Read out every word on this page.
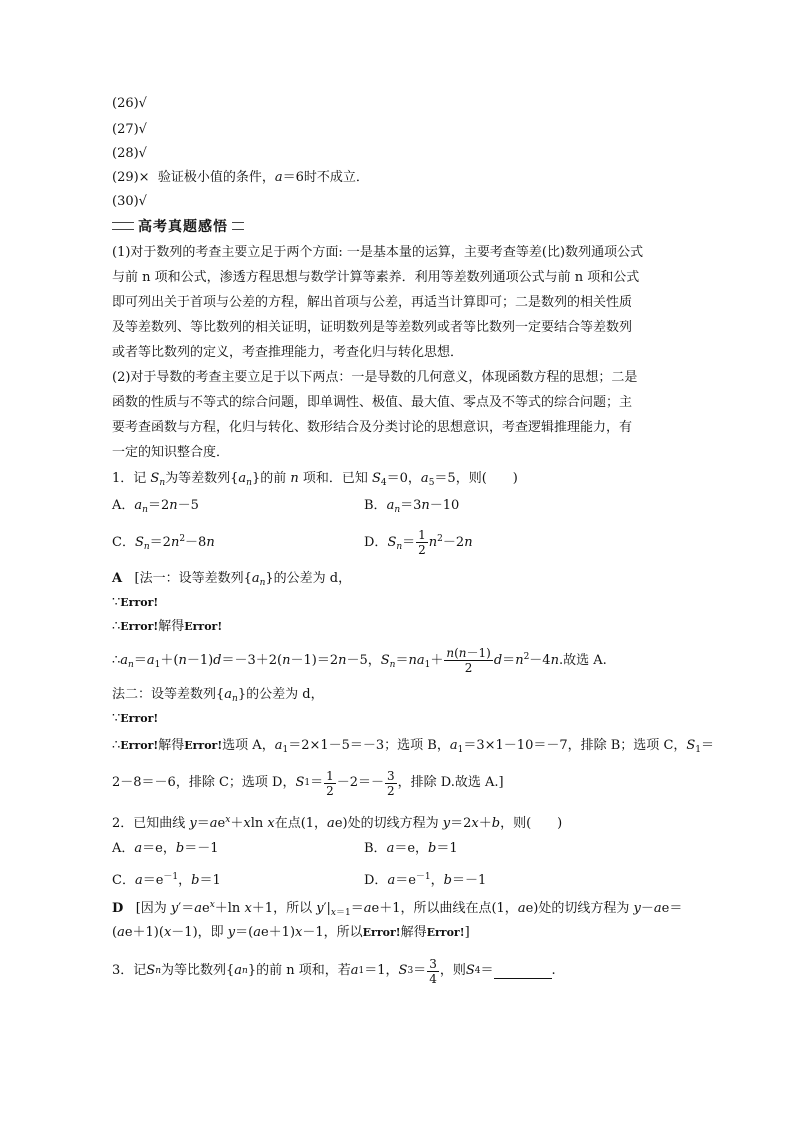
(26)√
(27)√
(28)√
(29)× 验证极小值的条件，a＝6时不成立．
(30)√
高考真题感悟
(1)对于数列的考查主要立足于两个方面: 一是基本量的运算，主要考查等差(比)数列通项公式
与前 n 项和公式，渗透方程思想与数学计算等素养．利用等差数列通项公式与前 n 项和公式
即可列出关于首项与公差的方程，解出首项与公差，再适当计算即可；二是数列的相关性质
及等差数列、等比数列的相关证明，证明数列是等差数列或者等比数列一定要结合等差数列
或者等比数列的定义，考查推理能力，考查化归与转化思想．
(2)对于导数的考查主要立足于以下两点：一是导数的几何意义，体现函数方程的思想；二是
函数的性质与不等式的综合问题，即单调性、极值、最大值、零点及不等式的综合问题；主
要考查函数与方程，化归与转化、数形结合及分类讨论的思想意识，考查逻辑推理能力，有
一定的知识整合度．
1．记 $S_n$为等差数列$\{a_n\}$的前 n 项和．已知 $S_4=0$，$a_5=5$，则(　　)
A．$a_n=2n-5$	B．$a_n=3n-10$
C．$S_n=2n^2-8n$	D．$S_n= \frac{1}{2} n^2-2n$
A [法一：设等差数列$\{a_n\}$的公差为 d，
∵Error!
∴Error!解得Error!
$\therefore a_n=a_1+(n-1)d=-3+2(n-1)=2n-5$，$S_n=na_1+ \frac{n(n-1)}{2} d=n^2-4n$. 故选 A.
法二：设等差数列$\{a_n\}$的公差为 d，
∵Error!
∴Error!解得Error!选项 A，$a_1=2\times 1-5=-3$；选项 B，$a_1=3\times 1-10=-7$，排除 B；选项 C，$S_1=$
2－8＝－6，排除 C；选项 D， S $1 = \frac{1}{2} -2=- \frac{3}{2}$ ，排除 D.故选 A.]
2．已知曲线 $y=ae^x+xln$ x在点(1，ae)处的切线方程为 y＝2x＋b，则(　　)
A．a＝e，b＝－1	B．a＝e，b＝1
C．$a=e^{-1}$，b＝1	D．$a=e^{-1}$，b＝－1
D [因为 $y'=ae^x+\ln$ x＋1，所以 $y'|_{x=1}=ae+1$，所以曲线在点(1，ae)处的切线方程为 y－ae＝
(ae＋1)(x－1)，即 y＝(ae＋1)x－1，所以Error!解得Error!]
3．记 S n 为等比数列{ a n }的前 n 项和，若 a 1 ＝1， S $3 = \frac{3}{4}$ ，则 S 4 ＝	.
